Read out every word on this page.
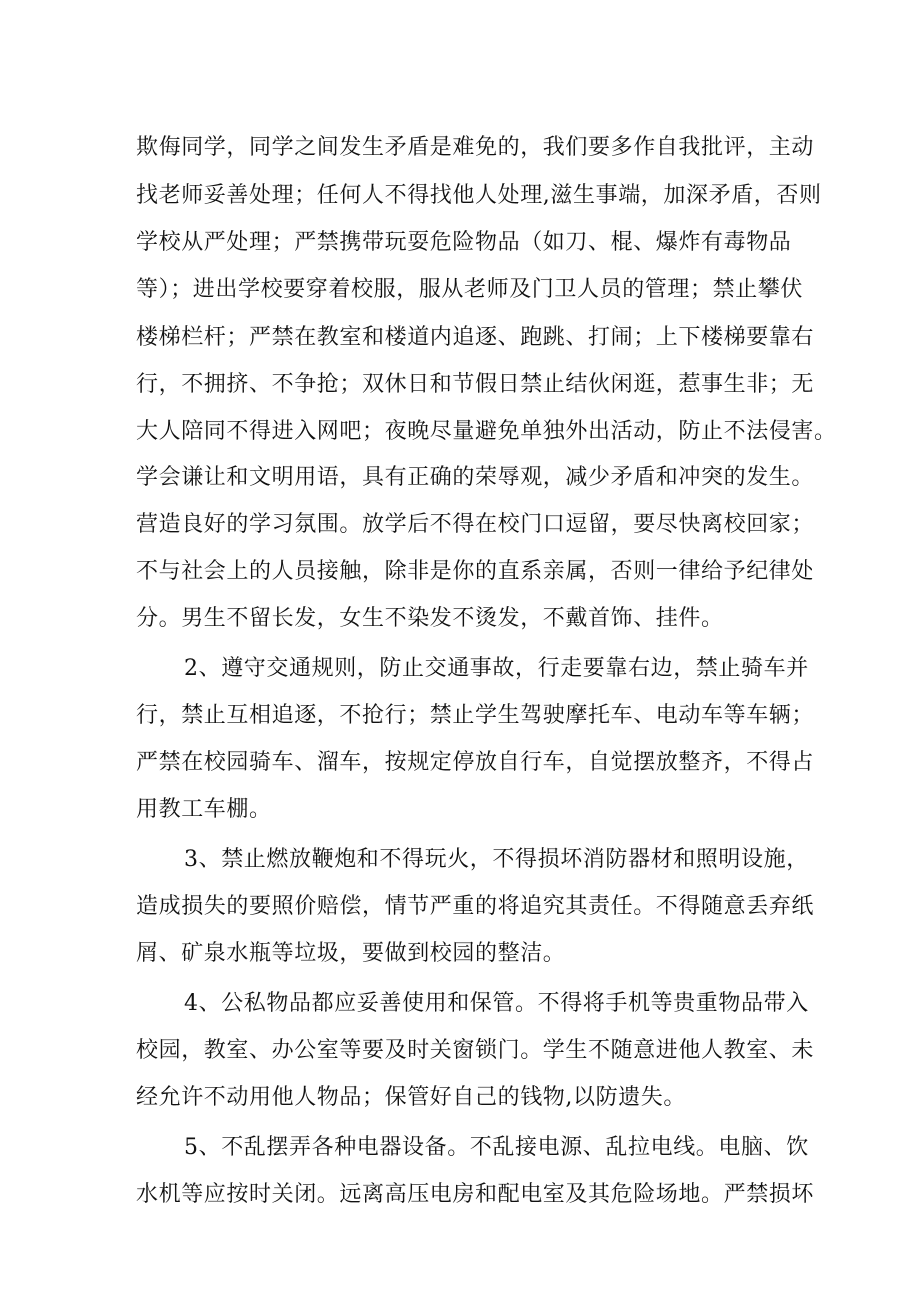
欺侮同学，同学之间发生矛盾是难免的，我们要多作自我批评，主动
找老师妥善处理；任何人不得找他人处理,滋生事端，加深矛盾，否则
学校从严处理；严禁携带玩耍危险物品（如刀、棍、爆炸有毒物品
等）；进出学校要穿着校服，服从老师及门卫人员的管理；禁止攀伏
楼梯栏杆；严禁在教室和楼道内追逐、跑跳、打闹；上下楼梯要靠右
行，不拥挤、不争抢；双休日和节假日禁止结伙闲逛，惹事生非；无
大人陪同不得进入网吧；夜晚尽量避免单独外出活动，防止不法侵害。
学会谦让和文明用语，具有正确的荣辱观，减少矛盾和冲突的发生。
营造良好的学习氛围。放学后不得在校门口逗留，要尽快离校回家；
不与社会上的人员接触，除非是你的直系亲属，否则一律给予纪律处
分。男生不留长发，女生不染发不烫发，不戴首饰、挂件。
2、遵守交通规则，防止交通事故，行走要靠右边，禁止骑车并
行，禁止互相追逐，不抢行；禁止学生驾驶摩托车、电动车等车辆；
严禁在校园骑车、溜车，按规定停放自行车，自觉摆放整齐，不得占
用教工车棚。
3、禁止燃放鞭炮和不得玩火，不得损坏消防器材和照明设施，
造成损失的要照价赔偿，情节严重的将追究其责任。不得随意丢弃纸
屑、矿泉水瓶等垃圾，要做到校园的整洁。
4、公私物品都应妥善使用和保管。不得将手机等贵重物品带入
校园，教室、办公室等要及时关窗锁门。学生不随意进他人教室、未
经允许不动用他人物品；保管好自己的钱物,以防遗失。
5、不乱摆弄各种电器设备。不乱接电源、乱拉电线。电脑、饮
水机等应按时关闭。远离高压电房和配电室及其危险场地。严禁损坏
